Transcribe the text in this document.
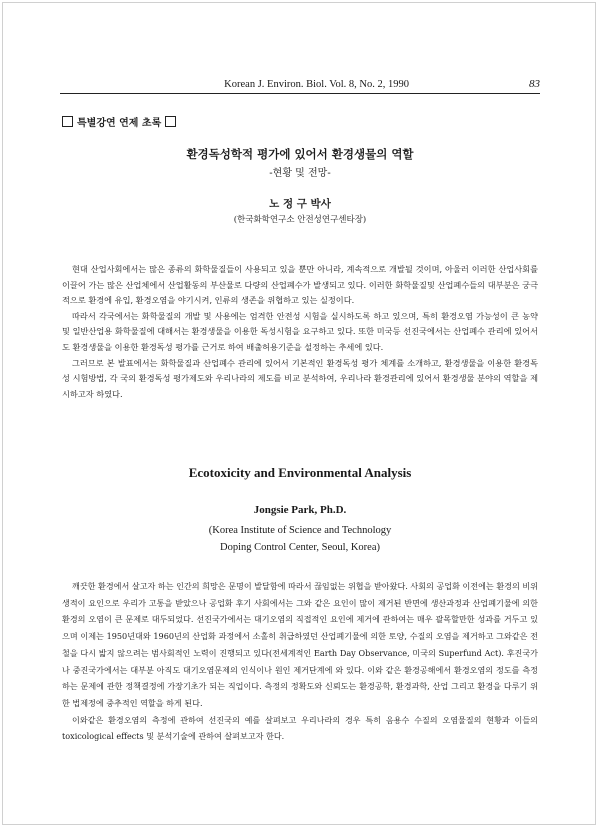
Korean J. Environ. Biol. Vol. 8, No. 2, 1990	83
특별강연 연제 초록
환경독성학적 평가에 있어서 환경생물의 역할
-현황 및 전망-
노 정 구 박사
(한국화학연구소 안전성연구센타장)

현대 산업사회에서는 많은 종류의 화학물질들이 사용되고 있을 뿐만 아니라, 계속적으로 개발될 것이며, 아울러 이러한 산업사회를 이끌어 가는 많은 산업체에서 산업활동의 부산물로 다량의 산업폐수가 발생되고 있다. 이러한 화학물질및 산업폐수들의 대부분은 궁극적으로 환경에 유입, 환경오염을 야기시켜, 인류의 생존을 위협하고 있는 실정이다.

따라서 각국에서는 화학물질의 개발 및 사용에는 엄격한 안전성 시험을 실시하도록 하고 있으며, 특히 환경오염 가능성이 큰 농약 및 일반산업용 화학물질에 대해서는 환경생물을 이용한 독성시험을 요구하고 있다. 또한 미국등 선진국에서는 산업폐수 관리에 있어서도 환경생물을 이용한 환경독성 평가를 근거로 하여 배출허용기준을 설정하는 추세에 있다.

그러므로 본 발표에서는 화학물질과 산업폐수 관리에 있어서 기본적인 환경독성 평가 체계를 소개하고, 환경생물을 이용한 환경독성 시험방법, 각 국의 환경독성 평가제도와 우리나라의 제도를 비교 분석하여, 우리나라 환경관리에 있어서 환경생물 분야의 역할을 제시하고자 하였다.

Ecotoxicity and Environmental Analysis
Jongsie Park, Ph.D.
(Korea Institute of Science and Technology
Doping Control Center, Seoul, Korea)

깨끗한 환경에서 살고자 하는 인간의 희망은 문명이 발달함에 따라서 끊임없는 위협을 받아왔다. 사회의 공업화 이전에는 환경의 비위생적이 요인으로 우리가 고통을 받았으나 공업화 후기 사회에서는 그와 같은 요인이 많이 제거된 반면에 생산과정과 산업폐기물에 의한 환경의 오염이 큰 문제로 대두되었다. 선진국가에서는 대기오염의 직접적인 요인에 제거에 관하여는 매우 괄목할만한 성과를 거두고 있으며 이제는 1950년대와 1960년의 산업화 과정에서 소홀히 취급하였던 산업폐기물에 의한 토양, 수질의 오염을 제거하고 그와같은 전철을 다시 밟지 않으려는 범사회적인 노력이 진행되고 있다(전세계적인 Earth Day Observance, 미국의 Superfund Act). 후진국가나 중진국가에서는 대부분 아직도 대기오염문제의 인식이나 원인 제거단계에 와 있다. 이와 같은 환경공해에서 환경오염의 정도를 측정하는 문제에 관한 정책결정에 가장기초가 되는 직업이다. 측정의 정확도와 신뢰도는 환경공학, 환경과학, 산업 그리고 환경을 다루기 위한 법제정에 중추적인 역할을 하게 된다.

이와같은 환경오염의 측정에 관하여 선진국의 예를 살펴보고 우리나라의 경우 특히 음용수 수질의 오염물질의 현황과 이들의 toxicological effects 및 분석기술에 관하여 살펴보고자 한다.
